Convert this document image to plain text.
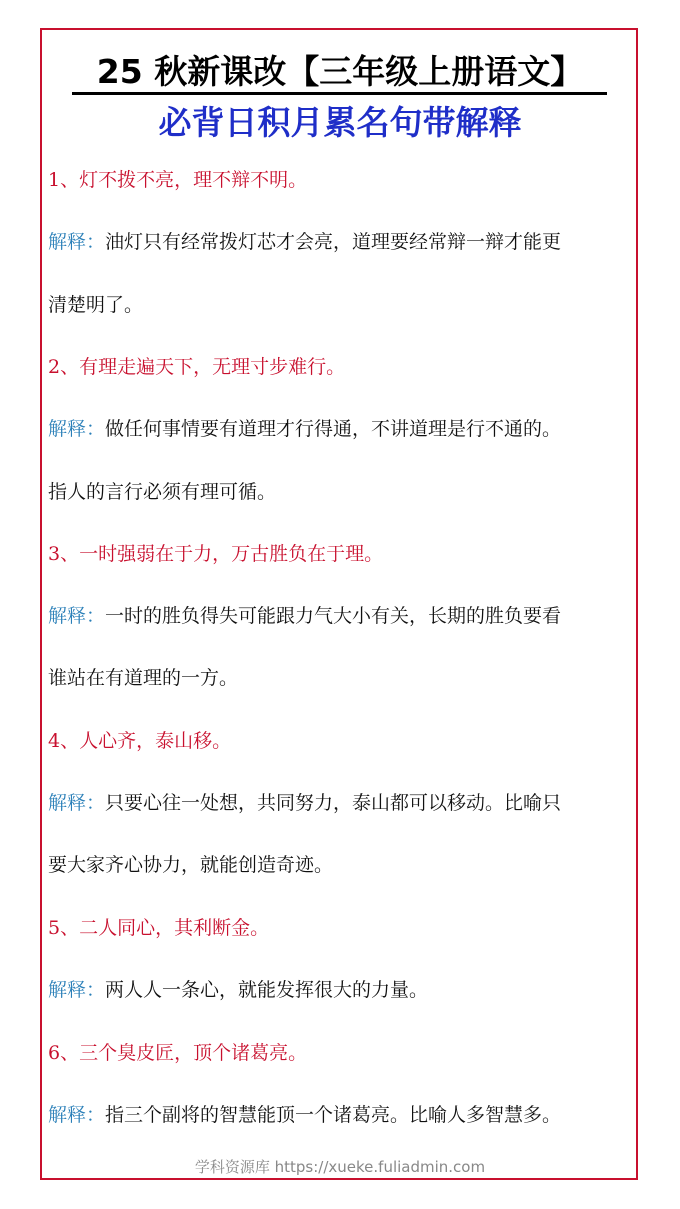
25 秋新课改【三年级上册语文】
必背日积月累名句带解释
1、灯不拨不亮，理不辩不明。
解释：油灯只有经常拨灯芯才会亮，道理要经常辩一辩才能更
清楚明了。
2、有理走遍天下，无理寸步难行。
解释：做任何事情要有道理才行得通，不讲道理是行不通的。
指人的言行必须有理可循。
3、一时强弱在于力，万古胜负在于理。
解释：一时的胜负得失可能跟力气大小有关，长期的胜负要看
谁站在有道理的一方。
4、人心齐，泰山移。
解释：只要心往一处想，共同努力，泰山都可以移动。比喻只
要大家齐心协力，就能创造奇迹。
5、二人同心，其利断金。
解释：两人人一条心，就能发挥很大的力量。
6、三个臭皮匠，顶个诸葛亮。
解释：指三个副将的智慧能顶一个诸葛亮。比喻人多智慧多。
学科资源库 https://xueke.fuliadmin.com
